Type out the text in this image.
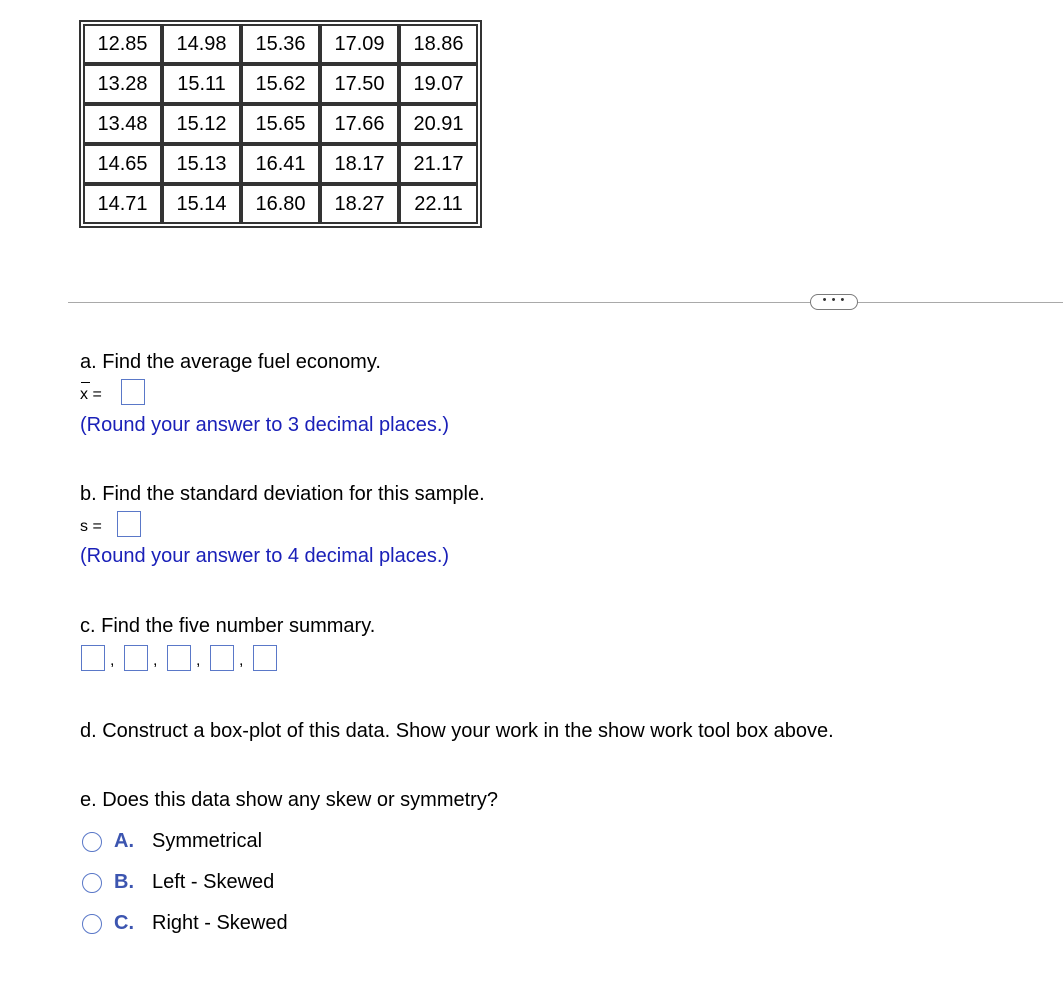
12.85	14.98	15.36	17.09	18.86
13.28	15.11	15.62	17.50	19.07
13.48	15.12	15.65	17.66	20.91
14.65	15.13	16.41	18.17	21.17
14.71	15.14	16.80	18.27	22.11
• • •
a. Find the average fuel economy.
x =
(Round your answer to 3 decimal places.)
b. Find the standard deviation for this sample.
s =
(Round your answer to 4 decimal places.)
c. Find the five number summary.
, , , ,
d. Construct a box-plot of this data. Show your work in the show work tool box above.
e. Does this data show any skew or symmetry?
A. Symmetrical
B. Left - Skewed
C. Right - Skewed
